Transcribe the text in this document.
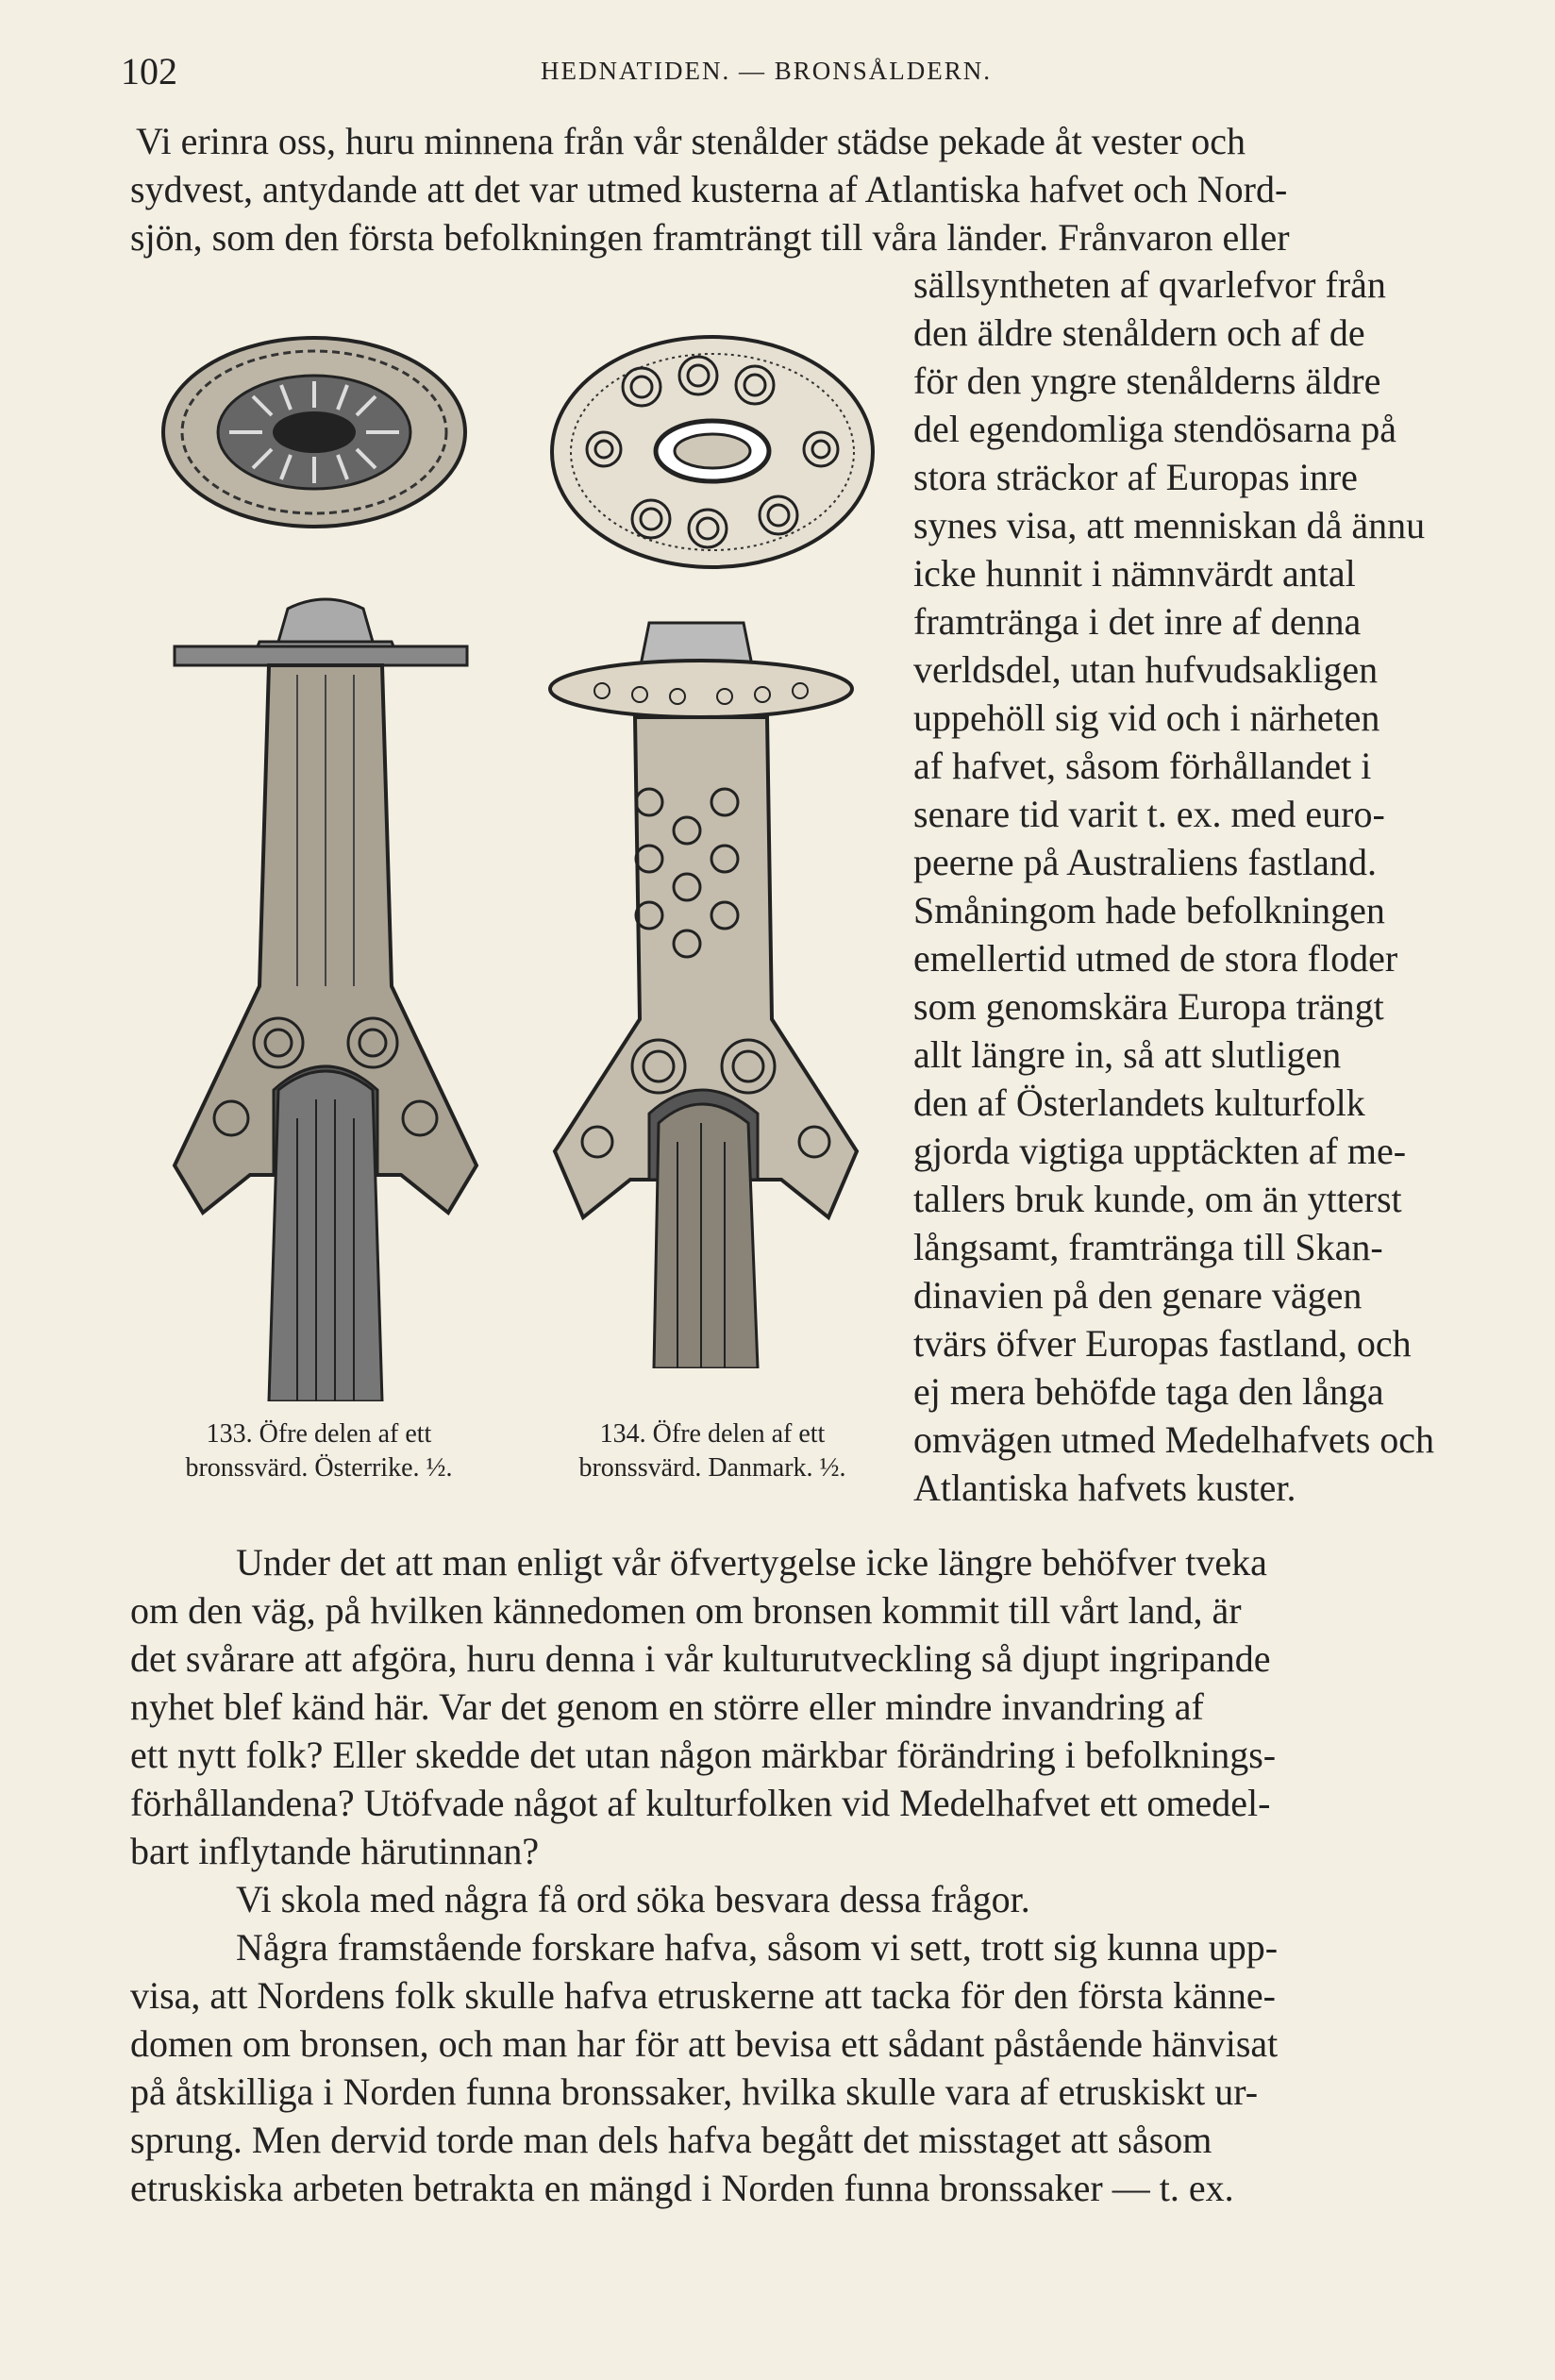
102	HEDNATIDEN. — BRONSÅLDERN.
Vi erinra oss, huru minnena från vår stenålder städse pekade åt vester och
sydvest, antydande att det var utmed kusterna af Atlantiska hafvet och Nord-
sjön, som den första befolkningen framträngt till våra länder. Frånvaron eller
133. Öfre delen af ett
bronssvärd. Österrike. ½.
134. Öfre delen af ett
bronssvärd. Danmark. ½.
sällsyntheten af qvarlefvor från
den äldre stenåldern och af de
för den yngre stenålderns äldre
del egendomliga stendösarna på
stora sträckor af Europas inre
synes visa, att menniskan då ännu
icke hunnit i nämnvärdt antal
framtränga i det inre af denna
verldsdel, utan hufvudsakligen
uppehöll sig vid och i närheten
af hafvet, såsom förhållandet i
senare tid varit t. ex. med euro-
peerne på Australiens fastland.
Småningom hade befolkningen
emellertid utmed de stora floder
som genomskära Europa trängt
allt längre in, så att slutligen
den af Österlandets kulturfolk
gjorda vigtiga upptäckten af me-
tallers bruk kunde, om än ytterst
långsamt, framtränga till Skan-
dinavien på den genare vägen
tvärs öfver Europas fastland, och
ej mera behöfde taga den långa
omvägen utmed Medelhafvets och
Atlantiska hafvets kuster.
Under det att man enligt vår öfvertygelse icke längre behöfver tveka
om den väg, på hvilken kännedomen om bronsen kommit till vårt land, är
det svårare att afgöra, huru denna i vår kulturutveckling så djupt ingripande
nyhet blef känd här. Var det genom en större eller mindre invandring af
ett nytt folk? Eller skedde det utan någon märkbar förändring i befolknings-
förhållandena? Utöfvade något af kulturfolken vid Medelhafvet ett omedel-
bart inflytande härutinnan?
Vi skola med några få ord söka besvara dessa frågor.
Några framstående forskare hafva, såsom vi sett, trott sig kunna upp-
visa, att Nordens folk skulle hafva etruskerne att tacka för den första känne-
domen om bronsen, och man har för att bevisa ett sådant påstående hänvisat
på åtskilliga i Norden funna bronssaker, hvilka skulle vara af etruskiskt ur-
sprung. Men dervid torde man dels hafva begått det misstaget att såsom
etruskiska arbeten betrakta en mängd i Norden funna bronssaker — t. ex.
